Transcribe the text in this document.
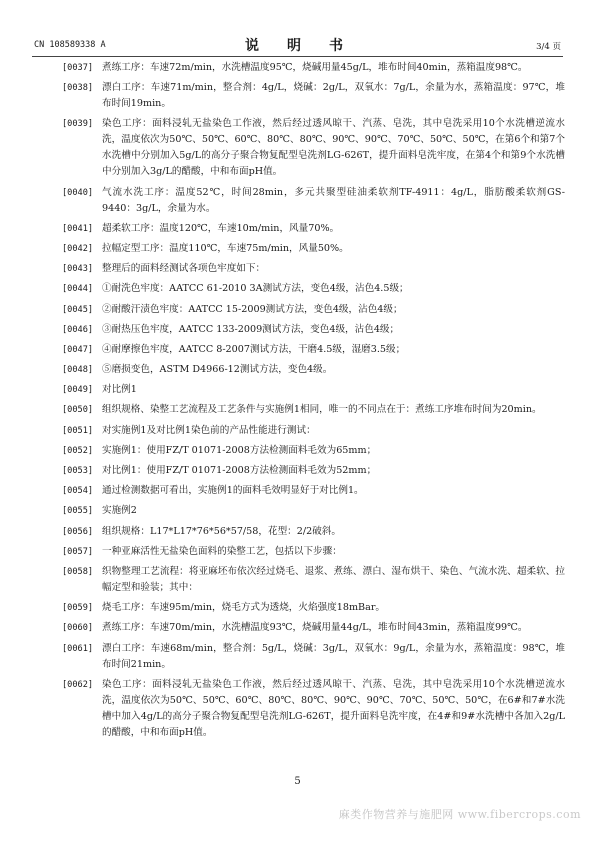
CN 108589338 A	说　明　书	3/4 页
[0037] 煮练工序：车速72m/min，水洗槽温度95℃，烧碱用量45g/L，堆布时间40min，蒸箱温度98℃。
[0038] 漂白工序：车速71m/min，整合剂：4g/L，烧碱：2g/L，双氧水：7g/L，余量为水，蒸箱温度：97℃，堆布时间19min。
[0039] 染色工序：面料浸轧无盐染色工作液，然后经过透风晾干、汽蒸、皂洗，其中皂洗采用10个水洗槽逆流水洗，温度依次为50℃、50℃、60℃、80℃、80℃、90℃、90℃、70℃、50℃、50℃，在第6个和第7个水洗槽中分别加入5g/L的高分子聚合物复配型皂洗剂LG-626T，提升面料皂洗牢度，在第4个和第9个水洗槽中分别加入3g/L的醋酸，中和布面pH值。
[0040] 气流水洗工序：温度52℃，时间28min，多元共聚型硅油柔软剂TF-4911：4g/L，脂肪酸柔软剂GS-9440：3g/L，余量为水。
[0041] 超柔软工序：温度120℃，车速10m/min，风量70%。
[0042] 拉幅定型工序：温度110℃，车速75m/min，风量50%。
[0043] 整理后的面料经测试各项色牢度如下：
[0044] ①耐洗色牢度：AATCC 61-2010 3A测试方法，变色4级，沾色4.5级；
[0045] ②耐酸汗渍色牢度：AATCC 15-2009测试方法，变色4级，沾色4级；
[0046] ③耐热压色牢度，AATCC 133-2009测试方法，变色4级，沾色4级；
[0047] ④耐摩擦色牢度，AATCC 8-2007测试方法，干磨4.5级，湿磨3.5级；
[0048] ⑤磨损变色，ASTM D4966-12测试方法，变色4级。
[0049] 对比例1
[0050] 组织规格、染整工艺流程及工艺条件与实施例1相同，唯一的不同点在于：煮练工序堆布时间为20min。
[0051] 对实施例1及对比例1染色前的产品性能进行测试：
[0052] 实施例1：使用FZ/T 01071-2008方法检测面料毛效为65mm；
[0053] 对比例1：使用FZ/T 01071-2008方法检测面料毛效为52mm；
[0054] 通过检测数据可看出，实施例1的面料毛效明显好于对比例1。
[0055] 实施例2
[0056] 组织规格：L17*L17*76*56*57/58，花型：2/2破斜。
[0057] 一种亚麻活性无盐染色面料的染整工艺，包括以下步骤：
[0058] 织物整理工艺流程：将亚麻坯布依次经过烧毛、退浆、煮练、漂白、湿布烘干、染色、气流水洗、超柔软、拉幅定型和验装；其中：
[0059] 烧毛工序：车速95m/min，烧毛方式为透烧，火焰强度18mBar。
[0060] 煮练工序：车速70m/min，水洗槽温度93℃，烧碱用量44g/L，堆布时间43min，蒸箱温度99℃。
[0061] 漂白工序：车速68m/min，整合剂：5g/L，烧碱：3g/L，双氧水：9g/L，余量为水，蒸箱温度：98℃，堆布时间21min。
[0062] 染色工序：面料浸轧无盐染色工作液，然后经过透风晾干、汽蒸、皂洗，其中皂洗采用10个水洗槽逆流水洗，温度依次为50℃、50℃、60℃、80℃、80℃、90℃、90℃、70℃、50℃、50℃，在6#和7#水洗槽中加入4g/L的高分子聚合物复配型皂洗剂LG-626T，提升面料皂洗牢度，在4#和9#水洗槽中各加入2g/L的醋酸，中和布面pH值。
5
麻类作物营养与施肥网 www.fibercrops.com
